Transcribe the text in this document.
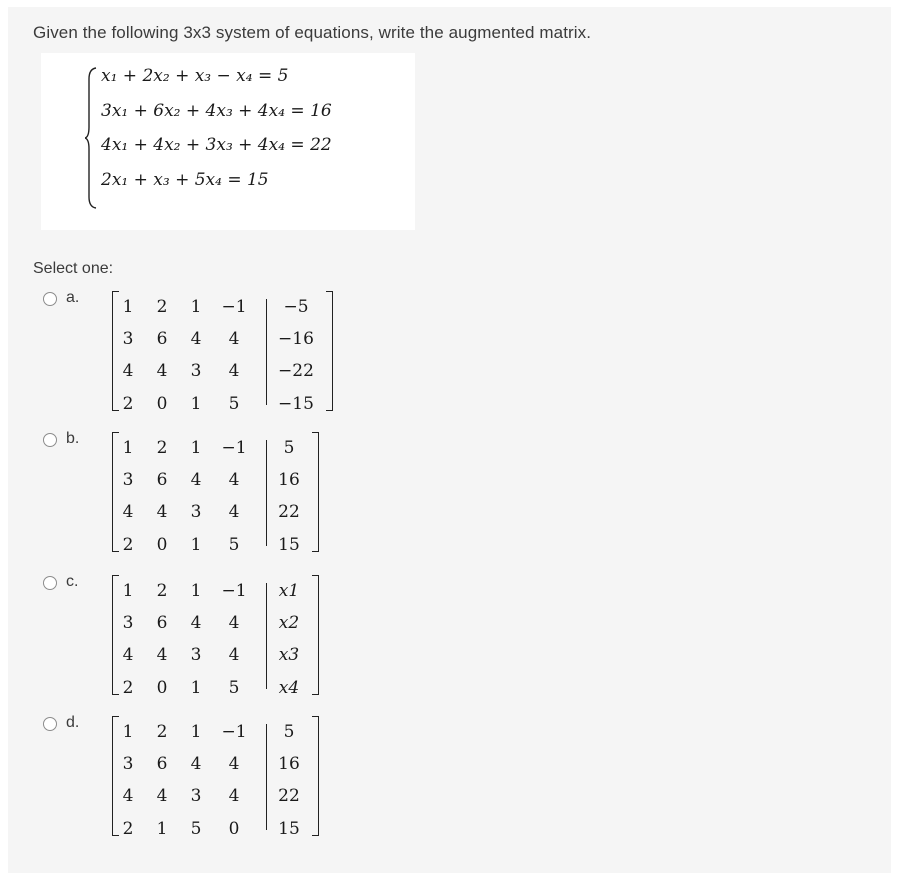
Given the following 3x3 system of equations, write the augmented matrix.
x₁ + 2x₂ + x₃ − x₄ = 5
3x₁ + 6x₂ + 4x₃ + 4x₄ = 16
4x₁ + 4x₂ + 3x₃ + 4x₄ = 22
2x₁ + x₃ + 5x₄ = 15
Select one:
a.	1	2	1	−1	−5
3	6	4	4	−16
4	4	3	4	−22
2	0	1	5	−15
b.	1	2	1	−1	5
3	6	4	4	16
4	4	3	4	22
2	0	1	5	15
c.	1	2	1	−1	x1
3	6	4	4	x2
4	4	3	4	x3
2	0	1	5	x4
d.	1	2	1	−1	5
3	6	4	4	16
4	4	3	4	22
2	1	5	0	15
